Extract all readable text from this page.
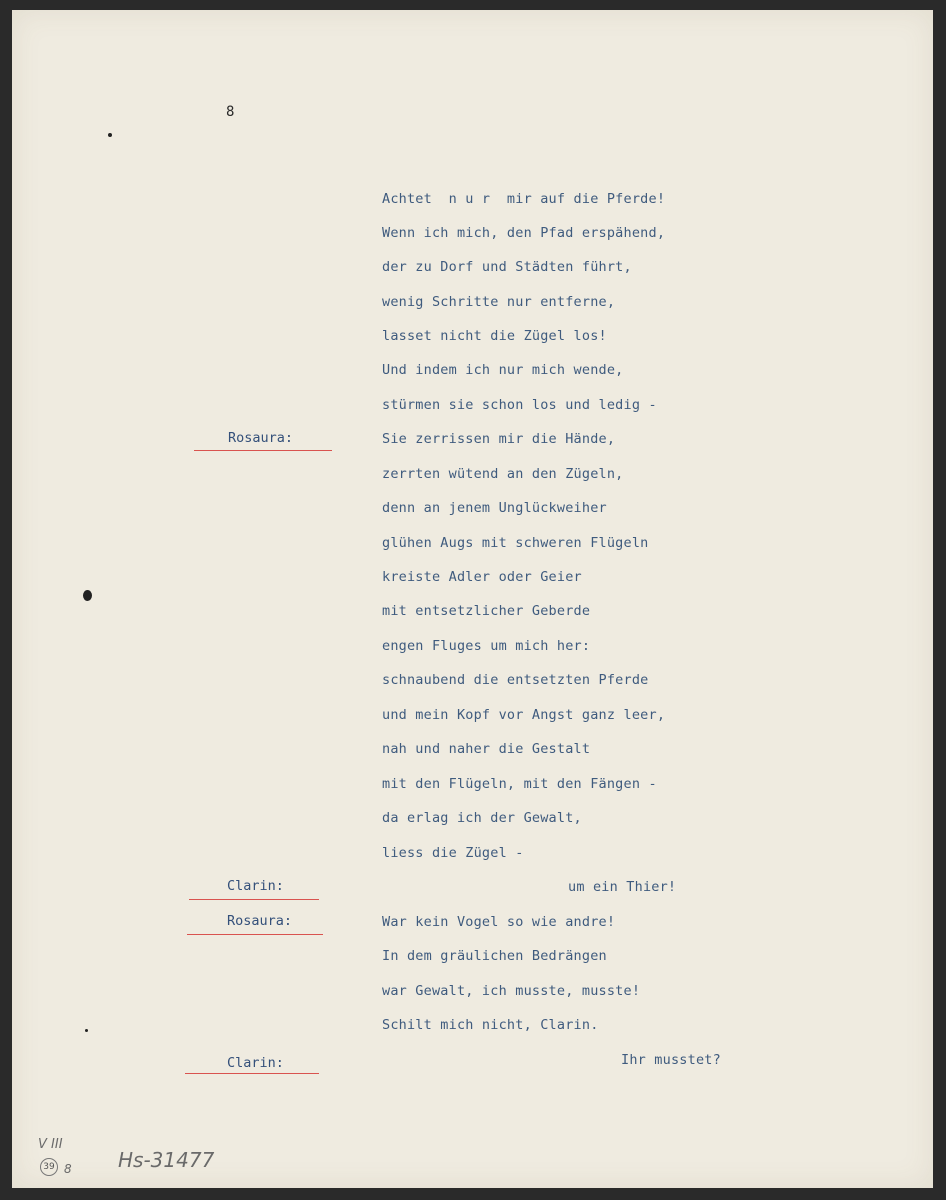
8
Achtet  n u r  mir auf die Pferde!
Wenn ich mich, den Pfad erspähend,
der zu Dorf und Städten führt,
wenig Schritte nur entferne,
lasset nicht die Zügel los!
Und indem ich nur mich wende,
stürmen sie schon los und ledig -
Rosaura:	Sie zerrissen mir die Hände,
zerrten wütend an den Zügeln,
denn an jenem Unglückweiher
glühen Augs mit schweren Flügeln
kreiste Adler oder Geier
mit entsetzlicher Geberde
engen Fluges um mich her:
schnaubend die entsetzten Pferde
und mein Kopf vor Angst ganz leer,
nah und naher die Gestalt
mit den Flügeln, mit den Fängen -
da erlag ich der Gewalt,
liess die Zügel -
Clarin:	um ein Thier!
Rosaura:	War kein Vogel so wie andre!
In dem gräulichen Bedrängen
war Gewalt, ich musste, musste!
Schilt mich nicht, Clarin.
Clarin:	Ihr musstet?
V III
39 8 Hs-31477
